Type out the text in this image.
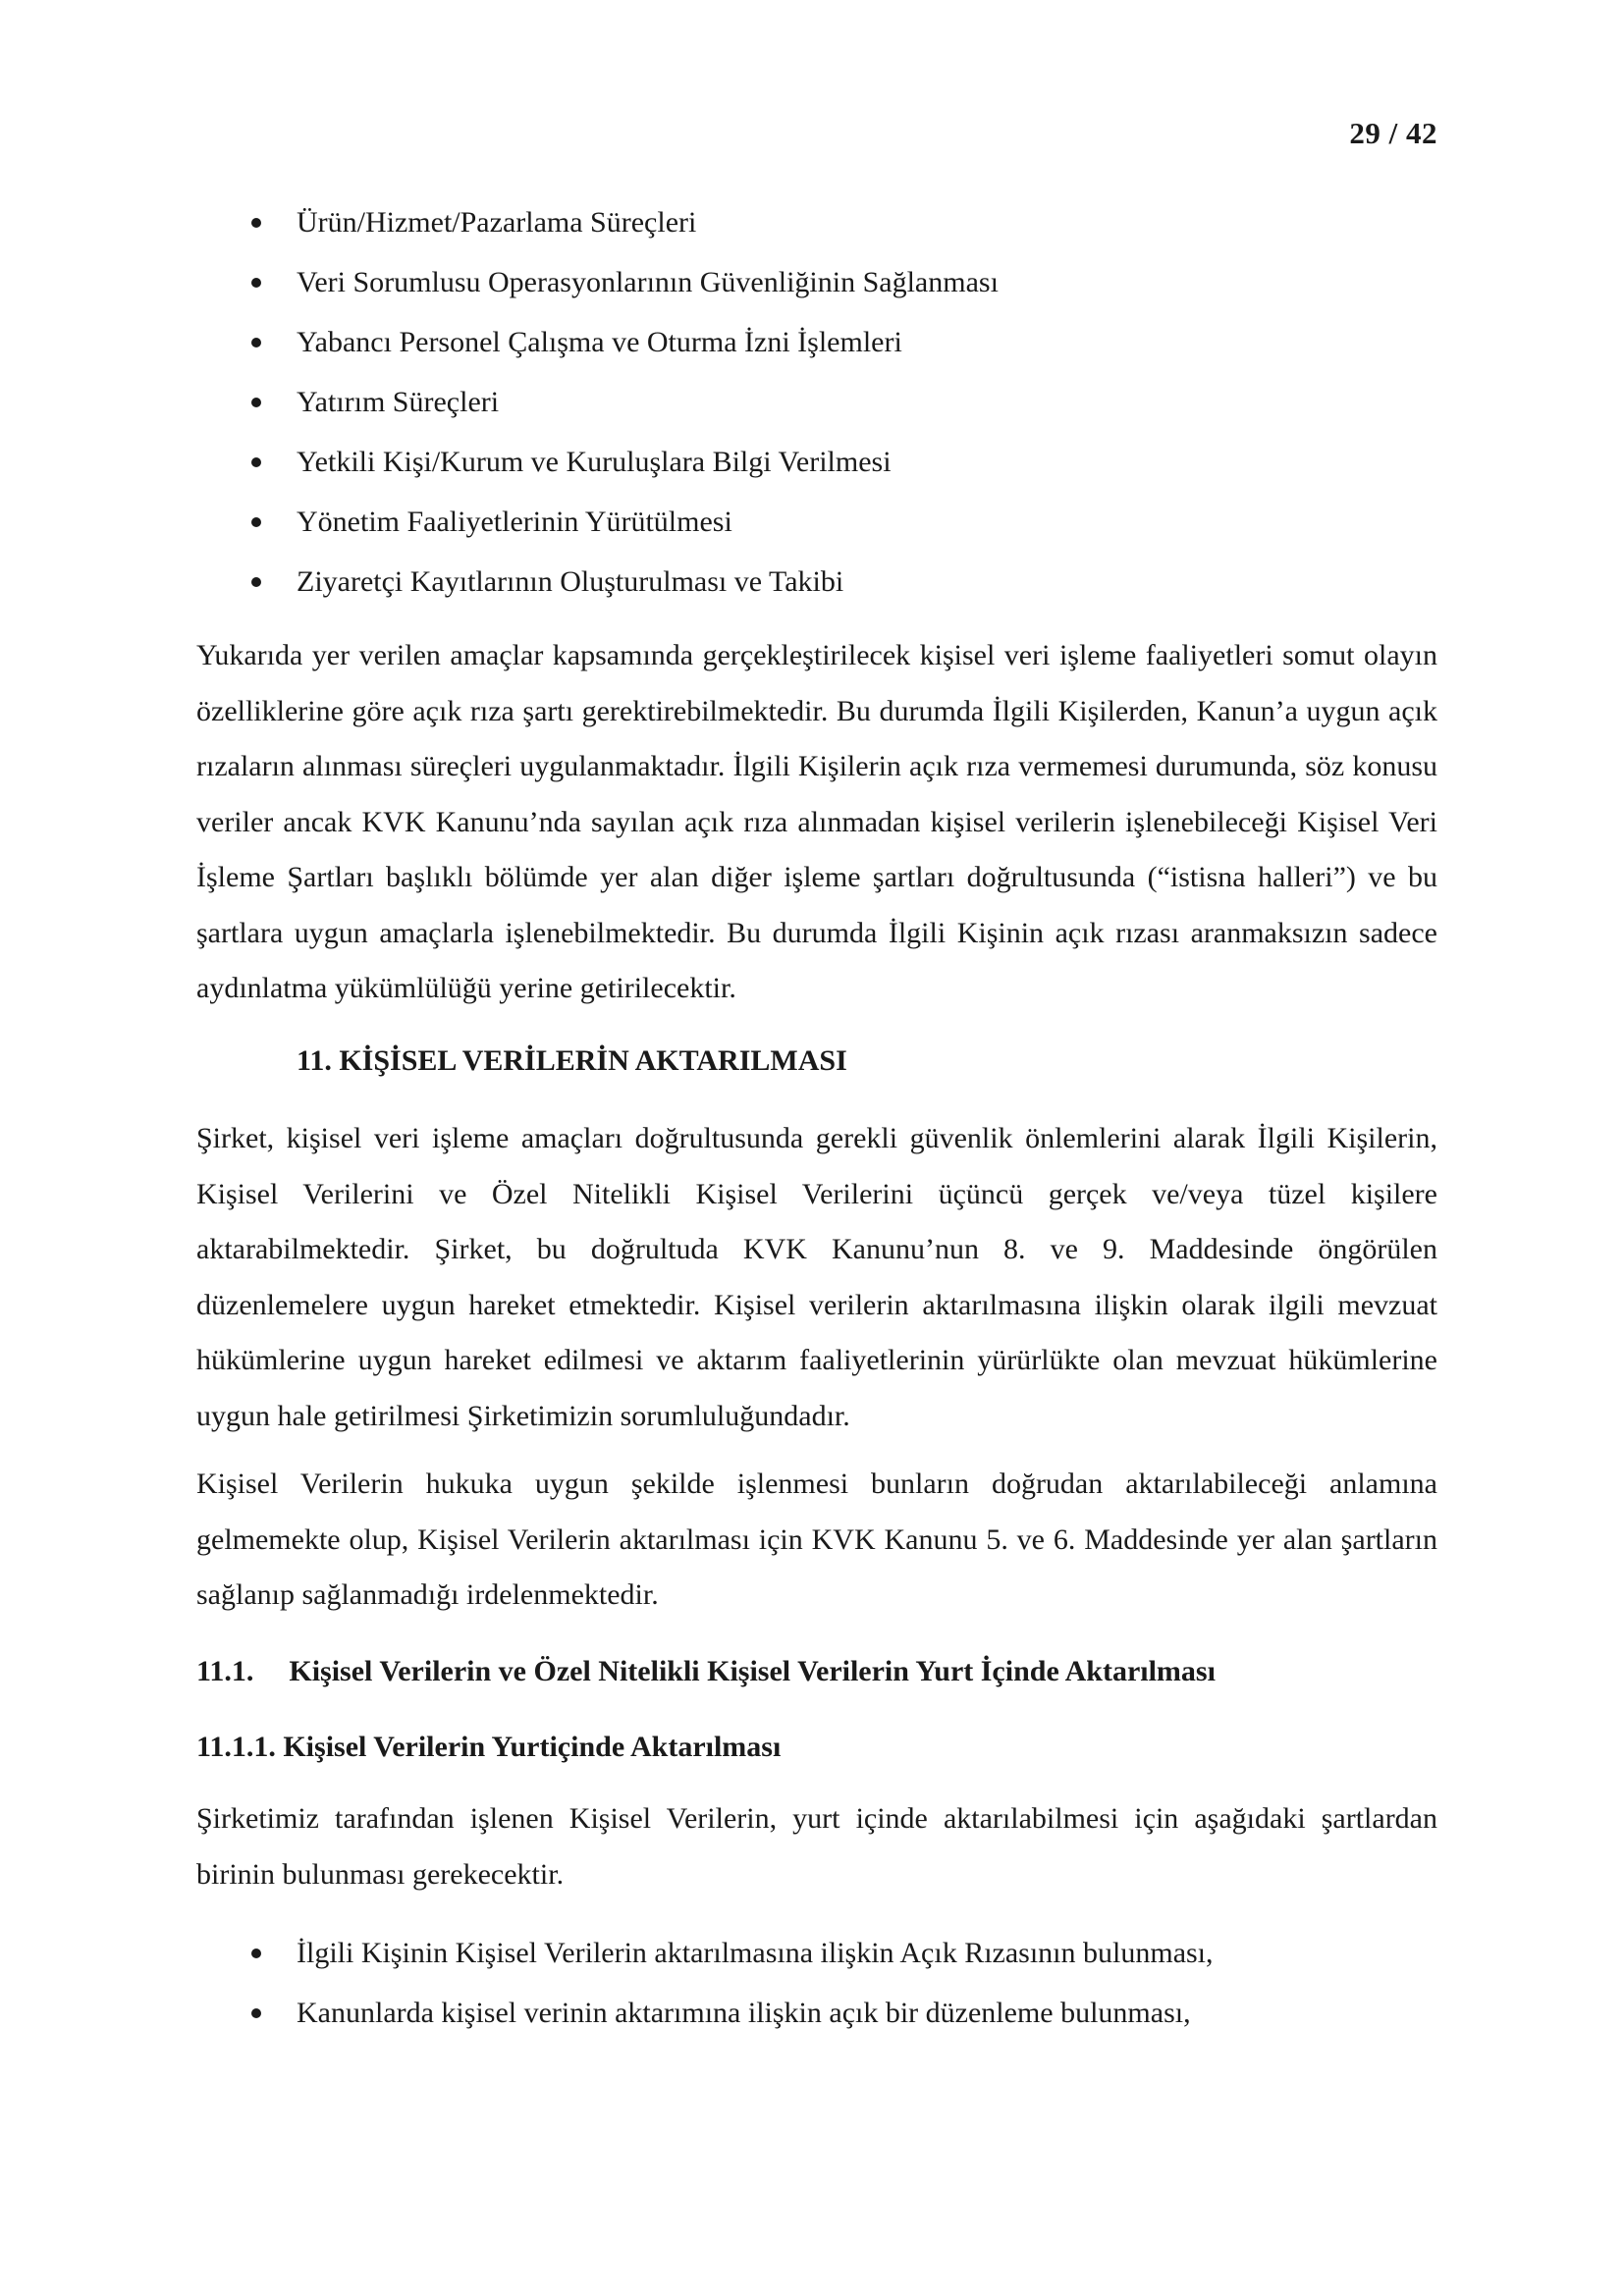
29 / 42
Ürün/Hizmet/Pazarlama Süreçleri
Veri Sorumlusu Operasyonlarının Güvenliğinin Sağlanması
Yabancı Personel Çalışma ve Oturma İzni İşlemleri
Yatırım Süreçleri
Yetkili Kişi/Kurum ve Kuruluşlara Bilgi Verilmesi
Yönetim Faaliyetlerinin Yürütülmesi
Ziyaretçi Kayıtlarının Oluşturulması ve Takibi

Yukarıda yer verilen amaçlar kapsamında gerçekleştirilecek kişisel veri işleme faaliyetleri somut olayın özelliklerine göre açık rıza şartı gerektirebilmektedir. Bu durumda İlgili Kişilerden, Kanun’a uygun açık rızaların alınması süreçleri uygulanmaktadır. İlgili Kişilerin açık rıza vermemesi durumunda, söz konusu veriler ancak KVK Kanunu’nda sayılan açık rıza alınmadan kişisel verilerin işlenebileceği Kişisel Veri İşleme Şartları başlıklı bölümde yer alan diğer işleme şartları doğrultusunda (“istisna halleri”) ve bu şartlara uygun amaçlarla işlenebilmektedir. Bu durumda İlgili Kişinin açık rızası aranmaksızın sadece aydınlatma yükümlülüğü yerine getirilecektir.

11. KİŞİSEL VERİLERİN AKTARILMASI

Şirket, kişisel veri işleme amaçları doğrultusunda gerekli güvenlik önlemlerini alarak İlgili Kişilerin, Kişisel Verilerini ve Özel Nitelikli Kişisel Verilerini üçüncü gerçek ve/veya tüzel kişilere aktarabilmektedir. Şirket, bu doğrultuda KVK Kanunu’nun 8. ve 9. Maddesinde öngörülen düzenlemelere uygun hareket etmektedir. Kişisel verilerin aktarılmasına ilişkin olarak ilgili mevzuat hükümlerine uygun hareket edilmesi ve aktarım faaliyetlerinin yürürlükte olan mevzuat hükümlerine uygun hale getirilmesi Şirketimizin sorumluluğundadır.

Kişisel Verilerin hukuka uygun şekilde işlenmesi bunların doğrudan aktarılabileceği anlamına gelmemekte olup, Kişisel Verilerin aktarılması için KVK Kanunu 5. ve 6. Maddesinde yer alan şartların sağlanıp sağlanmadığı irdelenmektedir.

11.1. Kişisel Verilerin ve Özel Nitelikli Kişisel Verilerin Yurt İçinde Aktarılması
11.1.1. Kişisel Verilerin Yurtiçinde Aktarılması

Şirketimiz tarafından işlenen Kişisel Verilerin, yurt içinde aktarılabilmesi için aşağıdaki şartlardan birinin bulunması gerekecektir.

İlgili Kişinin Kişisel Verilerin aktarılmasına ilişkin Açık Rızasının bulunması,
Kanunlarda kişisel verinin aktarımına ilişkin açık bir düzenleme bulunması,
